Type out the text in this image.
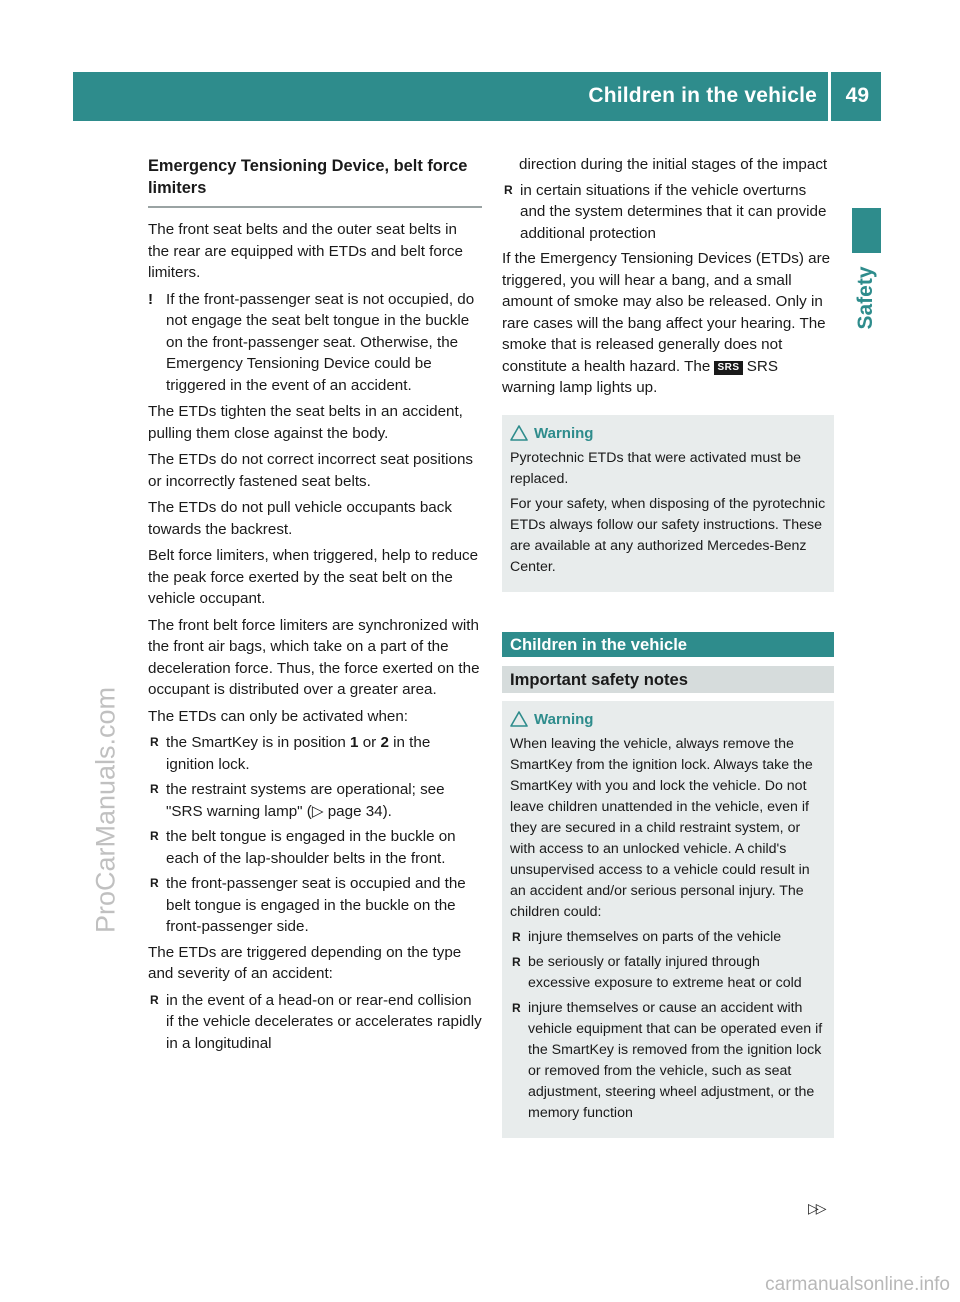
Children in the vehicle 49
Safety
ProCarManuals.com
carmanualsonline.info
Emergency Tensioning Device, belt force limiters

The front seat belts and the outer seat belts in the rear are equipped with ETDs and belt force limiters.

! If the front-passenger seat is not occupied, do not engage the seat belt tongue in the buckle on the front-passenger seat. Otherwise, the Emergency Tensioning Device could be triggered in the event of an accident.

The ETDs tighten the seat belts in an accident, pulling them close against the body.

The ETDs do not correct incorrect seat positions or incorrectly fastened seat belts.

The ETDs do not pull vehicle occupants back towards the backrest.

Belt force limiters, when triggered, help to reduce the peak force exerted by the seat belt on the vehicle occupant.

The front belt force limiters are synchronized with the front air bags, which take on a part of the deceleration force. Thus, the force exerted on the occupant is distributed over a greater area.

The ETDs can only be activated when:

R the SmartKey is in position 1 or 2 in the ignition lock.
R the restraint systems are operational; see "SRS warning lamp" (▷ page 34).
R the belt tongue is engaged in the buckle on each of the lap-shoulder belts in the front.
R the front-passenger seat is occupied and the belt tongue is engaged in the buckle on the front-passenger side.

The ETDs are triggered depending on the type and severity of an accident:

R in the event of a head-on or rear-end collision if the vehicle decelerates or accelerates rapidly in a longitudinal
direction during the initial stages of the impact
R in certain situations if the vehicle overturns and the system determines that it can provide additional protection

If the Emergency Tensioning Devices (ETDs) are triggered, you will hear a bang, and a small amount of smoke may also be released. Only in rare cases will the bang affect your hearing. The smoke that is released generally does not constitute a health hazard. The SRS SRS warning lamp lights up.

Warning

Pyrotechnic ETDs that were activated must be replaced.

For your safety, when disposing of the pyrotechnic ETDs always follow our safety instructions. These are available at any authorized Mercedes-Benz Center.

Children in the vehicle
Important safety notes
Warning

When leaving the vehicle, always remove the SmartKey from the ignition lock. Always take the SmartKey with you and lock the vehicle. Do not leave children unattended in the vehicle, even if they are secured in a child restraint system, or with access to an unlocked vehicle. A child's unsupervised access to a vehicle could result in an accident and/or serious personal injury. The children could:

R injure themselves on parts of the vehicle
R be seriously or fatally injured through excessive exposure to extreme heat or cold
R injure themselves or cause an accident with vehicle equipment that can be operated even if the SmartKey is removed from the ignition lock or removed from the vehicle, such as seat adjustment, steering wheel adjustment, or the memory function
▷▷
